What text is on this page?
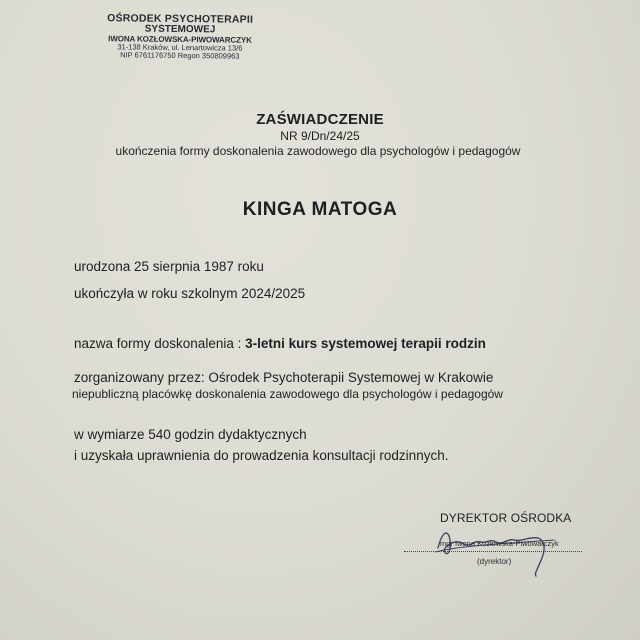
OŚRODEK PSYCHOTERAPII
SYSTEMOWEJ
IWONA KOZŁOWSKA-PIWOWARCZYK
31-138 Kraków, ul. Lenartowicza 13/6
NIP 6761176750 Regon 350809963
ZAŚWIADCZENIE
NR 9/Dn/24/25
ukończenia formy doskonalenia zawodowego dla psychologów i pedagogów
KINGA MATOGA
urodzona 25 sierpnia 1987 roku
ukończyła w roku szkolnym 2024/2025
nazwa formy doskonalenia : 3-letni kurs systemowej terapii rodzin
zorganizowany przez: Ośrodek Psychoterapii Systemowej w Krakowie
niepubliczną placówkę doskonalenia zawodowego dla psychologów i pedagogów
w wymiarze 540 godzin dydaktycznych
i uzyskała uprawnienia do prowadzenia konsultacji rodzinnych.
DYREKTOR OŚRODKA
mgr Iwona Kozłowska-Piwowarczyk
(dyrektor)
